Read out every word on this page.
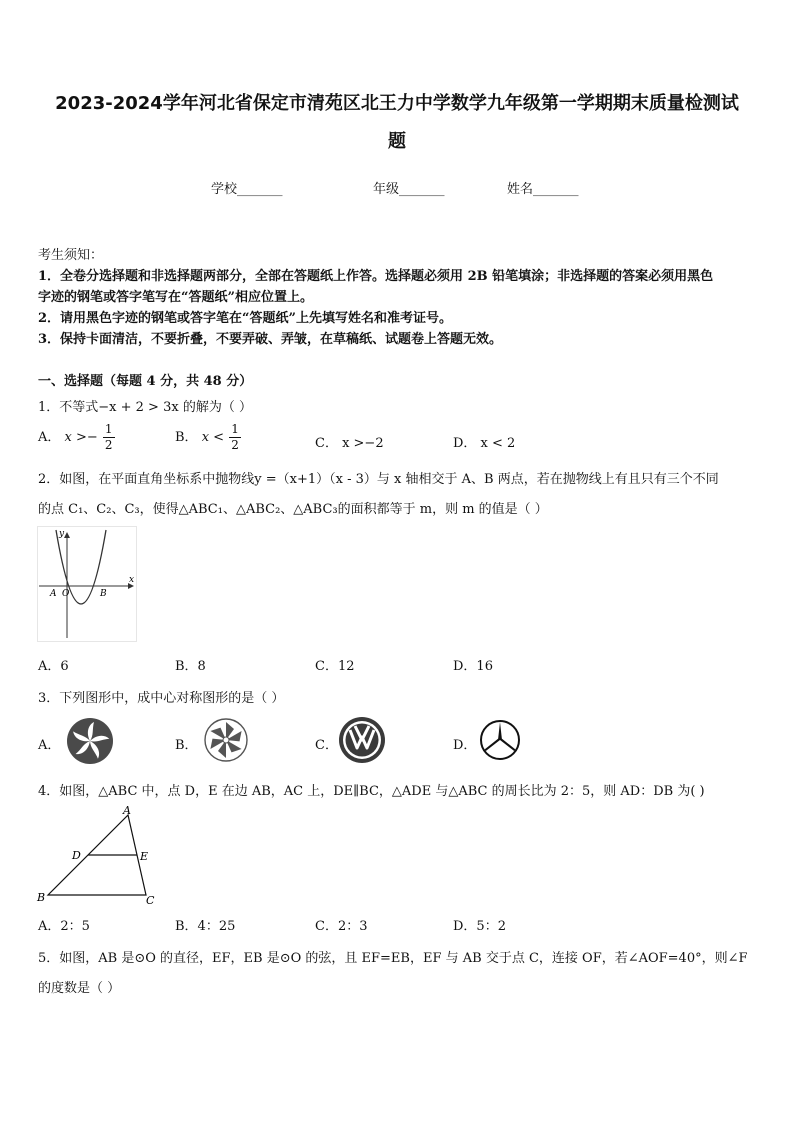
2023-2024学年河北省保定市清苑区北王力中学数学九年级第一学期期末质量检测试
题
学校_______	年级_______	姓名_______
考生须知：
1．全卷分选择题和非选择题两部分，全部在答题纸上作答。选择题必须用 2B 铅笔填涂；非选择题的答案必须用黑色
字迹的钢笔或答字笔写在“答题纸”相应位置上。
2．请用黑色字迹的钢笔或答字笔在“答题纸”上先填写姓名和准考证号。
3．保持卡面清洁，不要折叠，不要弄破、弄皱，在草稿纸、试题卷上答题无效。
一、选择题（每题 4 分，共 48 分）
1．不等式−x + 2 > 3x 的解为（ ）
A． $x >- \frac{1}{2}$	B． $x < \frac{1}{2}$	C． x >−2	D． x < 2
2．如图，在平面直角坐标系中抛物线y =（x+1）（x - 3）与 x 轴相交于 A、B 两点，若在抛物线上有且只有三个不同
的点 C₁、C₂、C₃，使得△ABC₁、△ABC₂、△ABC₃的面积都等于 m，则 m 的值是（ ）
y
x
A O	B
A．6	B．8	C．12	D．16
3．下列图形中，成中心对称图形的是（ ）
A．	B．	C．	D．
4．如图，△ABC 中，点 D，E 在边 AB，AC 上，DE∥BC，△ADE 与△ABC 的周长比为 2：5，则 AD：DB 为( )
A
D	E
B	C
A．2：5	B．4：25	C．2：3	D．5：2
5．如图，AB 是⊙O 的直径，EF，EB 是⊙O 的弦，且 EF=EB，EF 与 AB 交于点 C，连接 OF，若∠AOF=40°，则∠F
的度数是（ ）
